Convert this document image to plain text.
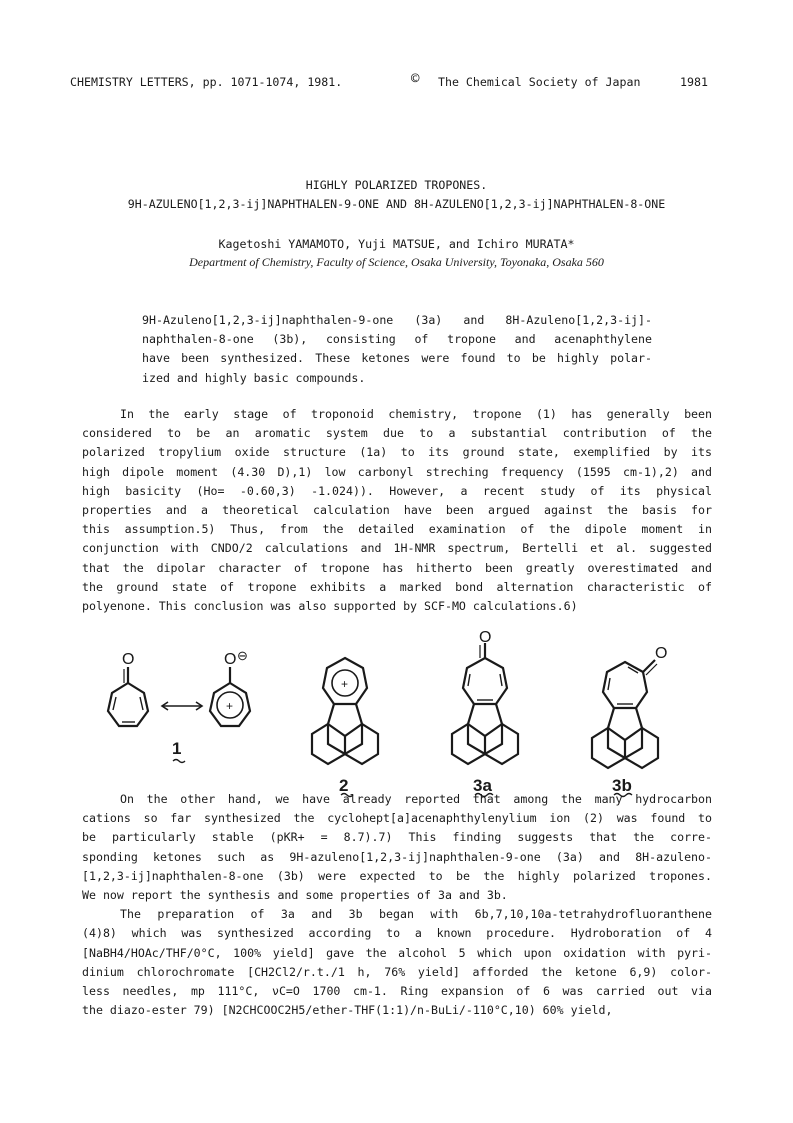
CHEMISTRY LETTERS, pp. 1071-1074, 1981.	© The Chemical Society of Japan	1981
HIGHLY POLARIZED TROPONES.
9H-AZULENO[1,2,3-ij]NAPHTHALEN-9-ONE AND 8H-AZULENO[1,2,3-ij]NAPHTHALEN-8-ONE
Kagetoshi YAMAMOTO, Yuji MATSUE, and Ichiro MURATA*
Department of Chemistry, Faculty of Science, Osaka University, Toyonaka, Osaka 560
9H-Azuleno[1,2,3-ij]naphthalen-9-one (3a) and 8H-Azuleno[1,2,3-ij]-
naphthalen-8-one (3b), consisting of tropone and acenaphthylene
have been synthesized. These ketones were found to be highly polar-
ized and highly basic compounds.
In the early stage of troponoid chemistry, tropone (1) has generally been
considered to be an aromatic system due to a substantial contribution of the
polarized tropylium oxide structure (1a) to its ground state, exemplified by its
high dipole moment (4.30 D),1) low carbonyl streching frequency (1595 cm-1),2) and
high basicity (Ho= -0.60,3) -1.024)). However, a recent study of its physical
properties and a theoretical calculation have been argued against the basis for
this assumption.5) Thus, from the detailed examination of the dipole moment in
conjunction with CNDO/2 calculations and 1H-NMR spectrum, Bertelli et al. suggested
that the dipolar character of tropone has hitherto been greatly overestimated and
the ground state of tropone exhibits a marked bond alternation characteristic of
polyenone. This conclusion was also supported by SCF-MO calculations.6)
O	O
O
O
+
+
⊖
1
2	3a	3b
On the other hand, we have already reported that among the many hydrocarbon
cations so far synthesized the cyclohept[a]acenaphthylenylium ion (2) was found to
be particularly stable (pKR+ = 8.7).7) This finding suggests that the corre-
sponding ketones such as 9H-azuleno[1,2,3-ij]naphthalen-9-one (3a) and 8H-azuleno-
[1,2,3-ij]naphthalen-8-one (3b) were expected to be the highly polarized tropones.
We now report the synthesis and some properties of 3a and 3b.
The preparation of 3a and 3b began with 6b,7,10,10a-tetrahydrofluoranthene
(4)8) which was synthesized according to a known procedure. Hydroboration of 4
[NaBH4/HOAc/THF/0°C, 100% yield] gave the alcohol 5 which upon oxidation with pyri-
dinium chlorochromate [CH2Cl2/r.t./1 h, 76% yield] afforded the ketone 6,9) color-
less needles, mp 111°C, νC=O 1700 cm-1. Ring expansion of 6 was carried out via
the diazo-ester 79) [N2CHCOOC2H5/ether-THF(1:1)/n-BuLi/-110°C,10) 60% yield,
